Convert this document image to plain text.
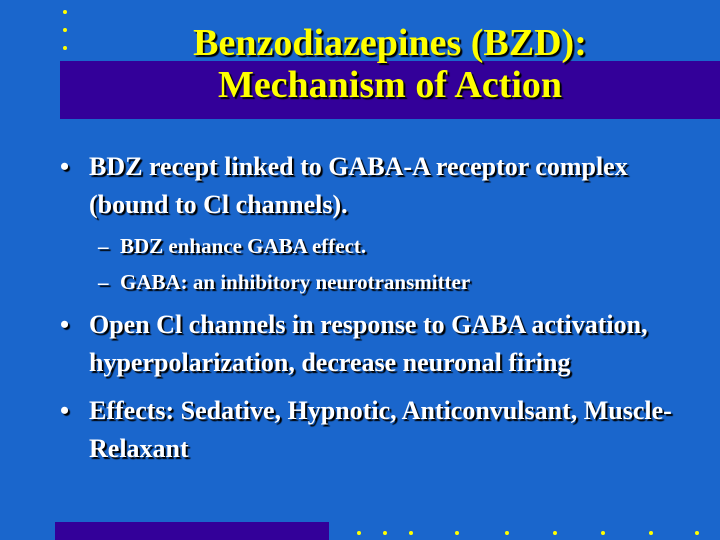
Benzodiazepines (BZD):
Mechanism of Action
• BDZ recept linked to GABA-A receptor complex (bound to Cl channels).
– BDZ enhance GABA effect.
– GABA: an inhibitory neurotransmitter
• Open Cl channels in response to GABA activation, hyperpolarization, decrease neuronal firing
• Effects: Sedative, Hypnotic, Anticonvulsant, Muscle-Relaxant
